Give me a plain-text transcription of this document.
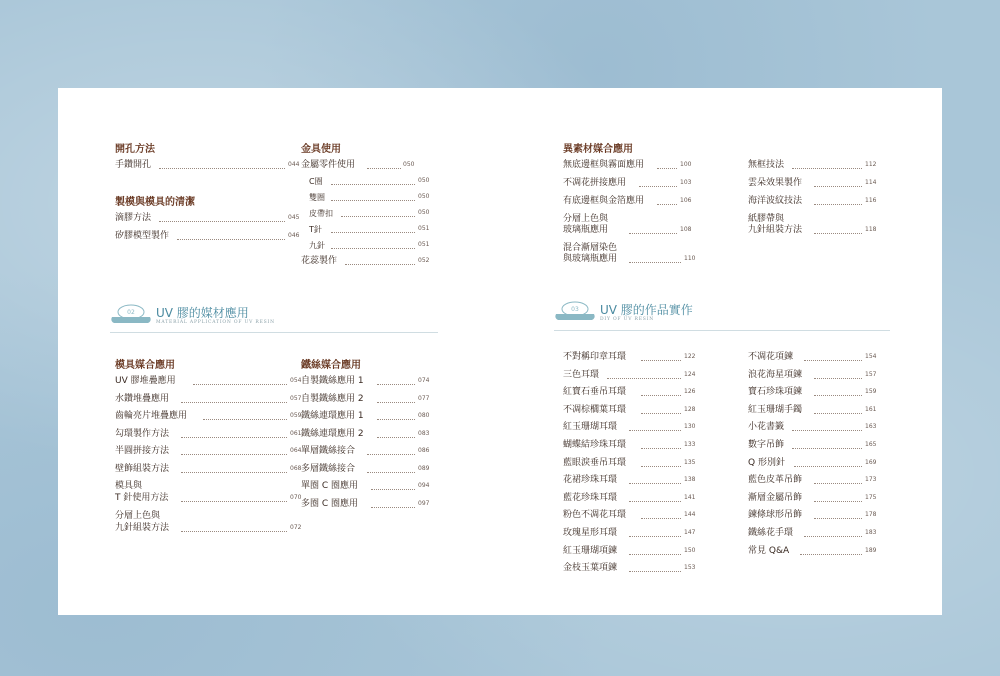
開孔方法
手鑽開孔	044
製模與模具的清潔
滴膠方法	045
矽膠模型製作	046
金具使用
金屬零件使用	050
C圈	050
雙圈	050
皮帶扣	050
T針	051
九針	051
花蕊製作	052
02 UV 膠的媒材應用
MATERIAL APPLICATION OF UV RESIN
模具媒合應用
UV 膠堆疊應用	054
水鑽堆疊應用	057
齒輪亮片堆疊應用	059
勾環製作方法	061
半圓拼接方法	064
壁飾組裝方法	068
模具與
T 針使用方法	070
分層上色與
九針組裝方法	072
鐵絲媒合應用
自製鐵絲應用 1	074
自製鐵絲應用 2	077
鐵絲連環應用 1	080
鐵絲連環應用 2	083
單層鐵絲接合	086
多層鐵絲接合	089
單圈 C 圈應用	094
多圈 C 圈應用	097
異素材媒合應用
無底邊框與霧面應用	100
不凋花拼接應用	103
有底邊框與金箔應用	106
分層上色與
玻璃瓶應用	108
混合漸層染色
與玻璃瓶應用	110
無框技法	112
雲朵效果製作	114
海洋波紋技法	116
紙膠帶與
九針組裝方法	118
03 UV 膠的作品實作
DIY OF UV RESIN
不對稱印章耳環	122
三色耳環	124
紅寶石垂吊耳環	126
不凋棕櫚葉耳環	128
紅玉珊瑚耳環	130
蝴蝶結珍珠耳環	133
藍眼淚垂吊耳環	135
花裙珍珠耳環	138
藍花珍珠耳環	141
粉色不凋花耳環	144
玫瑰星形耳環	147
紅玉珊瑚項鍊	150
金枝玉葉項鍊	153
不凋花項鍊	154
浪花海星項鍊	157
寶石珍珠項鍊	159
紅玉珊瑚手鐲	161
小花書籤	163
數字吊飾	165
Q 形別針	169
藍色皮革吊飾	173
漸層金屬吊飾	175
鍊條球形吊飾	178
鐵絲花手環	183
常見 Q&A	189
